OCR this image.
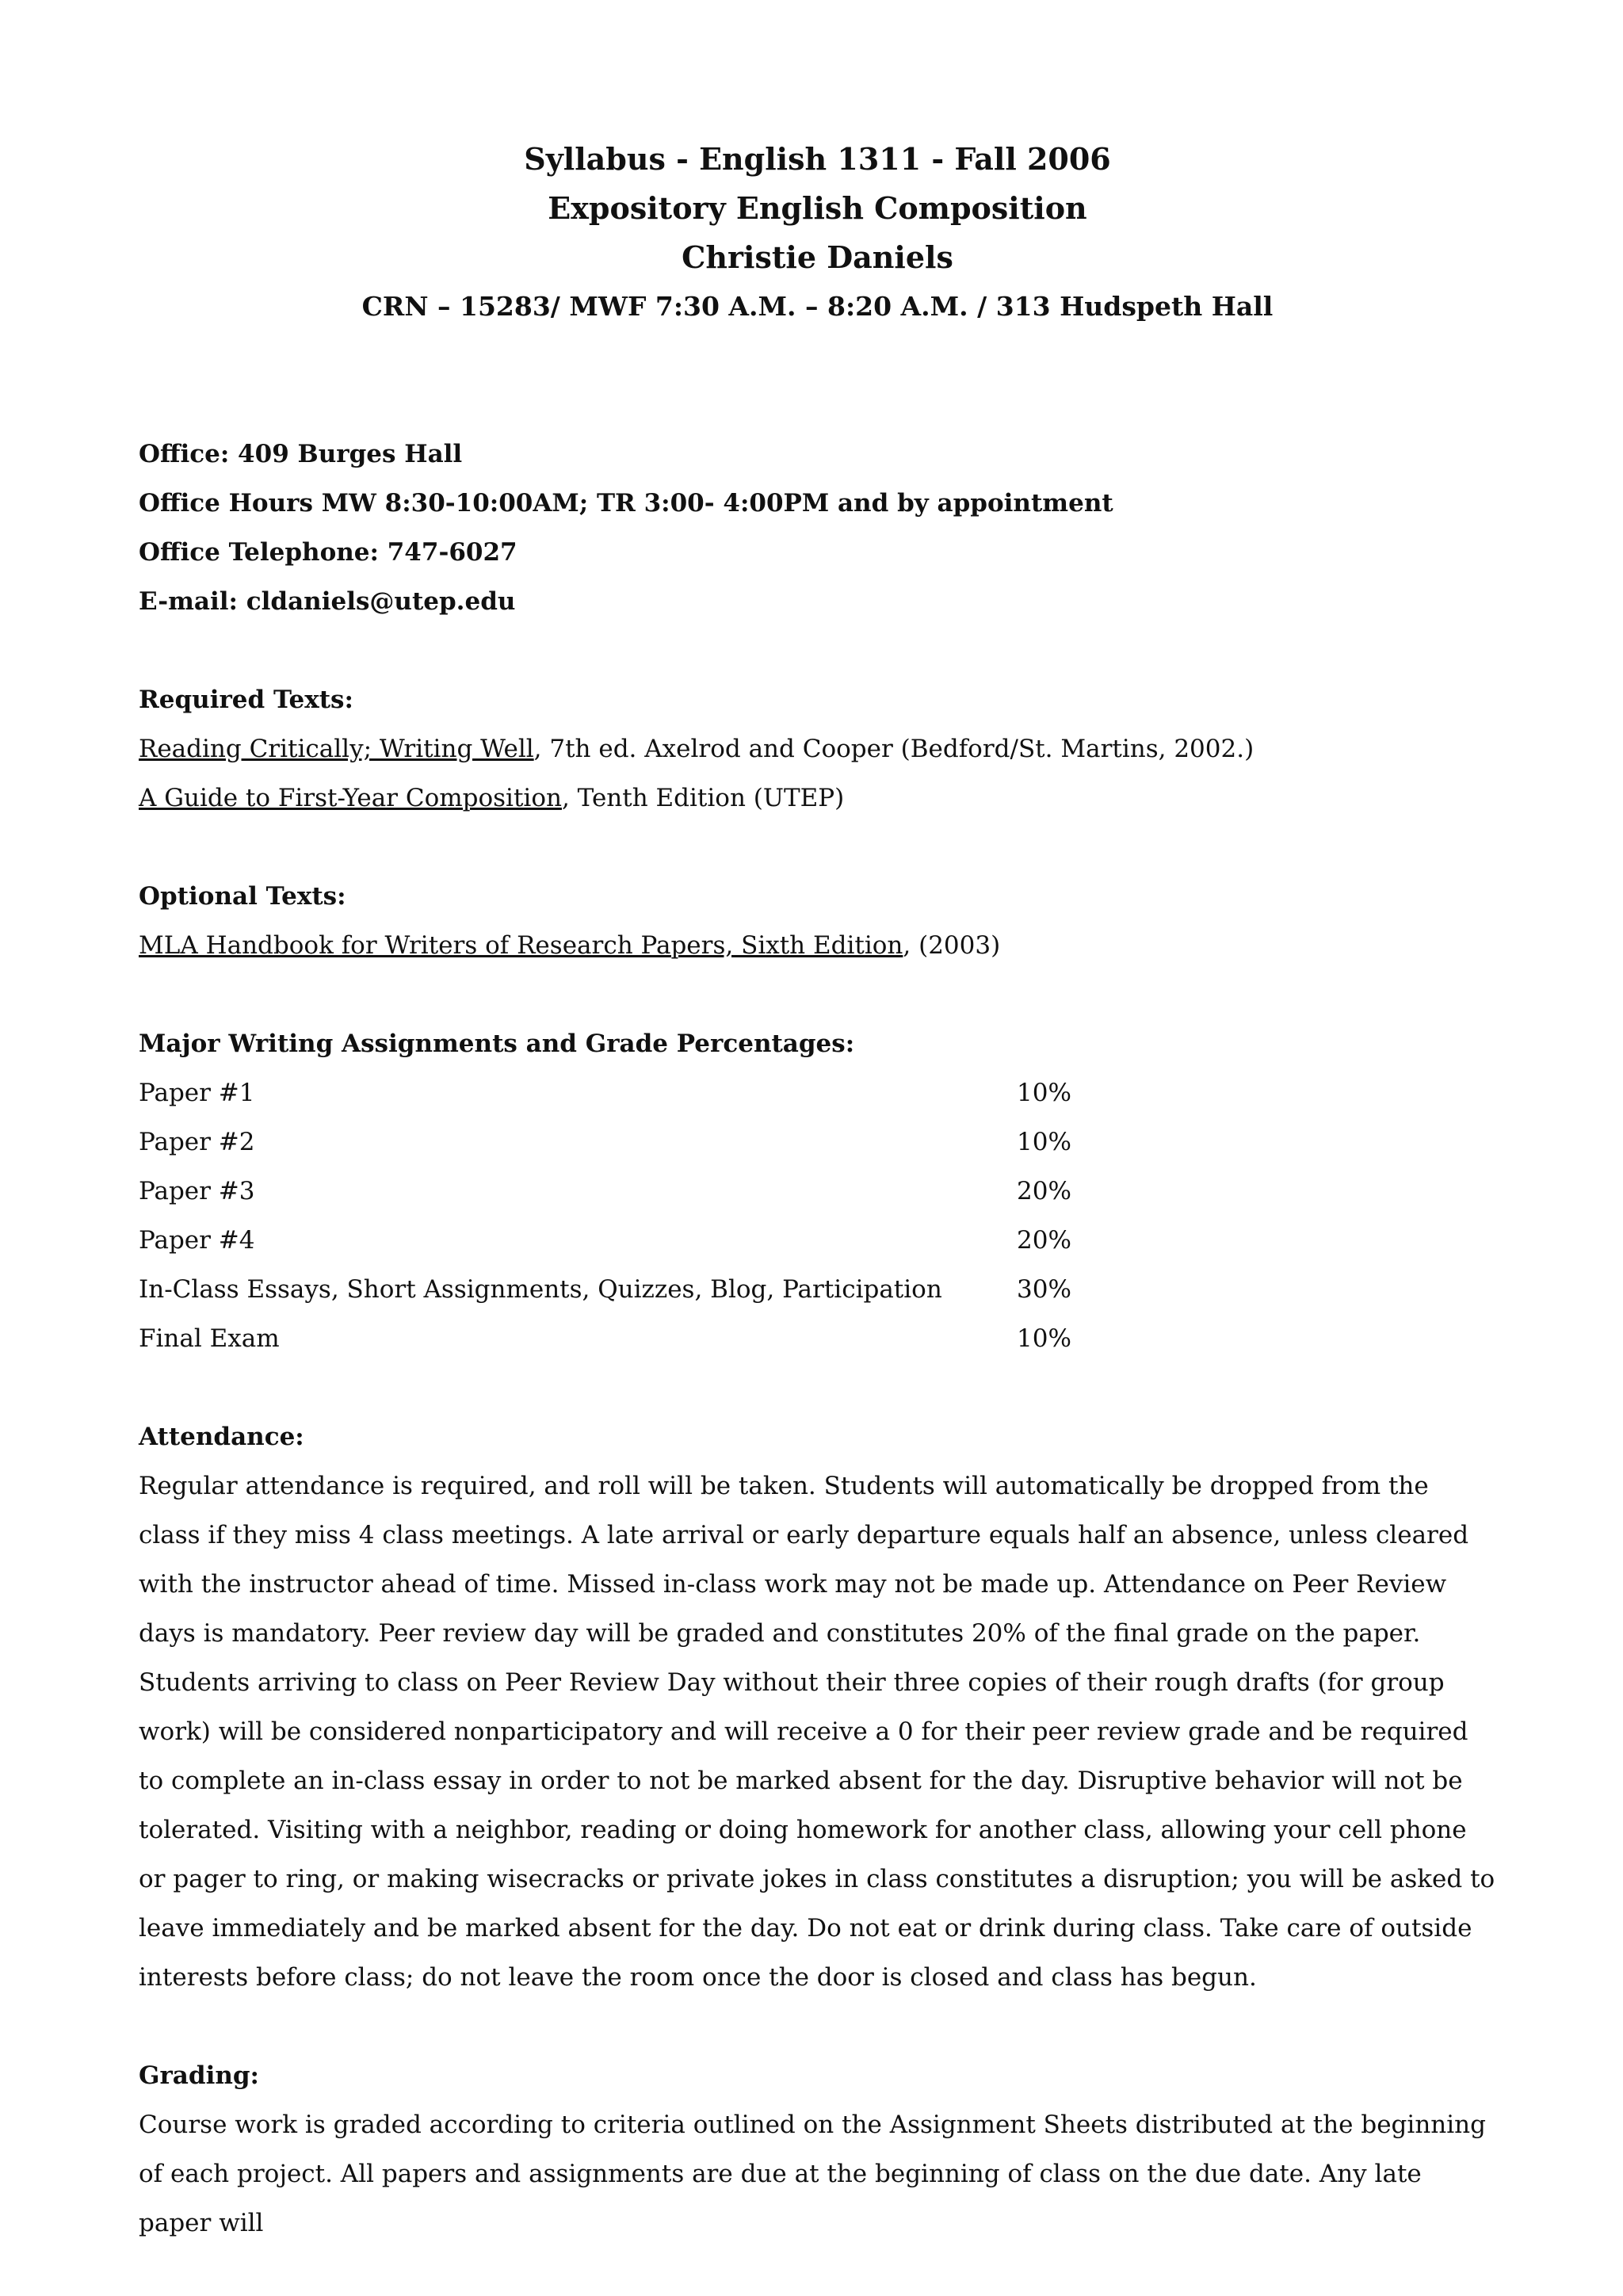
Syllabus - English 1311 - Fall 2006
Expository English Composition
Christie Daniels
CRN – 15283/ MWF 7:30 A.M. – 8:20 A.M. / 313 Hudspeth Hall
Office: 409 Burges Hall
Office Hours MW 8:30-10:00AM; TR 3:00- 4:00PM and by appointment
Office Telephone: 747-6027
E-mail: cldaniels@utep.edu
Required Texts:
Reading Critically; Writing Well, 7th ed. Axelrod and Cooper (Bedford/St. Martins, 2002.)
A Guide to First-Year Composition, Tenth Edition (UTEP)
Optional Texts:
MLA Handbook for Writers of Research Papers, Sixth Edition, (2003)
Major Writing Assignments and Grade Percentages:
Paper #1	10%
Paper #2	10%
Paper #3	20%
Paper #4	20%
In-Class Essays, Short Assignments, Quizzes, Blog, Participation	30%
Final Exam	10%
Attendance:

Regular attendance is required, and roll will be taken. Students will automatically be dropped from the class if they miss 4 class meetings. A late arrival or early departure equals half an absence, unless cleared with the instructor ahead of time. Missed in-class work may not be made up. Attendance on Peer Review days is mandatory. Peer review day will be graded and constitutes 20% of the final grade on the paper. Students arriving to class on Peer Review Day without their three copies of their rough drafts (for group work) will be considered nonparticipatory and will receive a 0 for their peer review grade and be required to complete an in-class essay in order to not be marked absent for the day. Disruptive behavior will not be tolerated. Visiting with a neighbor, reading or doing homework for another class, allowing your cell phone or pager to ring, or making wisecracks or private jokes in class constitutes a disruption; you will be asked to leave immediately and be marked absent for the day. Do not eat or drink during class. Take care of outside interests before class; do not leave the room once the door is closed and class has begun.

Grading:

Course work is graded according to criteria outlined on the Assignment Sheets distributed at the beginning of each project. All papers and assignments are due at the beginning of class on the due date. Any late paper will
